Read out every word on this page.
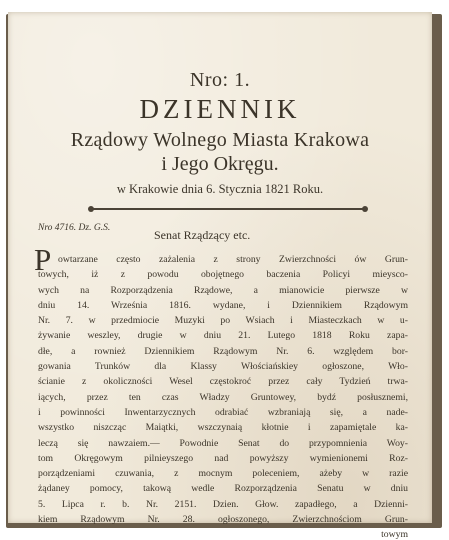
Nro: 1.
DZIENNIK
Rządowy Wolnego Miasta Krakowa
i Jego Okręgu.
w Krakowie dnia 6. Stycznia 1821 Roku.
Nro 4716. Dz. G.S.	Senat Rządzący etc.
P owtarzane często zażalenia z strony Zwierzchności ów Grun-
towych, iż z powodu obojętnego baczenia Policyi mieysco-
wych na Rozporządzenia Rządowe, a mianowicie pierwsze w
dniu 14. Września 1816. wydane, i Dziennikiem Rządowym
Nr. 7. w przedmiocie Muzyki po Wsiach i Miasteczkach w u-
żywanie weszley, drugie w dniu 21. Lutego 1818 Roku zapa-
dłe, a rownież Dziennikiem Rządowym Nr. 6. względem bor-
gowania Trunków dla Klassy Włościańskiey ogłoszone, Wło-
ścianie z okoliczności Wesel częstokroć przez cały Tydzień trwa-
iących, przez ten czas Władzy Gruntowey, bydź posłusznemi,
i powinności Inwentarzycznych odrabiać wzbraniają się, a nade-
wszystko niszcząc Maiątki, wszczynaią kłotnie i zapamiętale ka-
leczą się nawzaiem.— Powodnie Senat do przypomnienia Woy-
tom Okręgowym pilnieyszego nad powyższy wymienionemi Roz-
porządzeniami czuwania, z mocnym poleceniem, ażeby w razie
żądaney pomocy, takową wedle Rozporządzenia Senatu w dniu
5. Lipca r. b. Nr. 2151. Dzien. Głow. zapadłego, a Dzienni-
kiem Rządowym Nr. 28. ogłoszonego, Zwierzchnościom Grun-
towym
